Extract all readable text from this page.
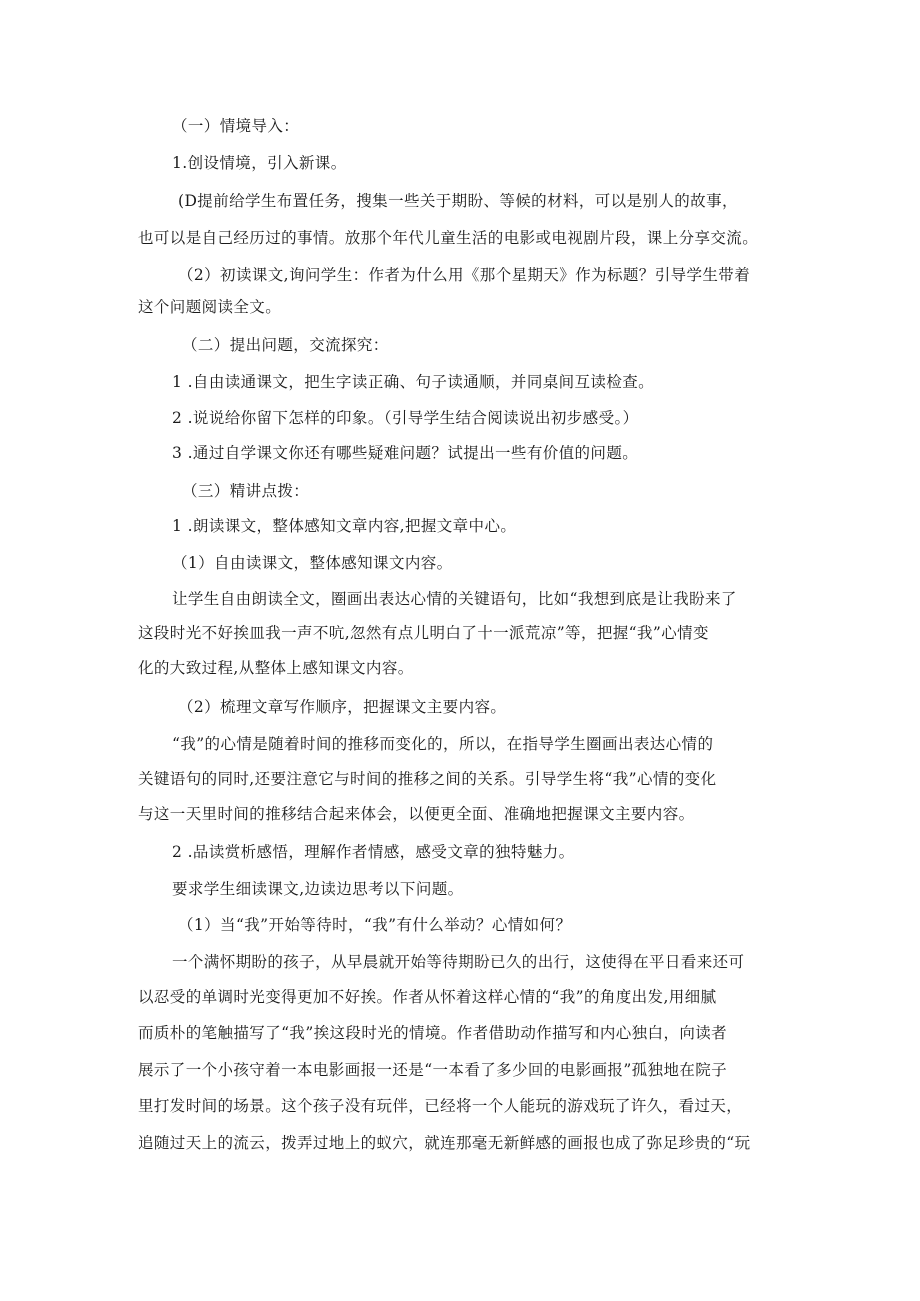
（一）情境导入：
1.创设情境，引入新课。
(D提前给学生布置任务，搜集一些关于期盼、等候的材料，可以是别人的故事，
也可以是自己经历过的事情。放那个年代儿童生活的电影或电视剧片段，课上分享交流。
（2）初读课文,询问学生：作者为什么用《那个星期天》作为标题？引导学生带着
这个问题阅读全文。
（二）提出问题，交流探究：
1 .自由读通课文，把生字读正确、句子读通顺，并同桌间互读检查。
2 .说说给你留下怎样的印象。（引导学生结合阅读说出初步感受。）
3 .通过自学课文你还有哪些疑难问题？试提出一些有价值的问题。
（三）精讲点拨：
1 .朗读课文，整体感知文章内容,把握文章中心。
（1）自由读课文，整体感知课文内容。
让学生自由朗读全文，圈画出表达心情的关键语句，比如“我想到底是让我盼来了
这段时光不好挨皿我一声不吭,忽然有点儿明白了十一派荒凉”等，把握“我”心情变
化的大致过程,从整体上感知课文内容。
（2）梳理文章写作顺序，把握课文主要内容。
“我”的心情是随着时间的推移而变化的，所以，在指导学生圈画出表达心情的
关键语句的同时,还要注意它与时间的推移之间的关系。引导学生将“我”心情的变化
与这一天里时间的推移结合起来体会，以便更全面、准确地把握课文主要内容。
2 .品读赏析感悟，理解作者情感，感受文章的独特魅力。
要求学生细读课文,边读边思考以下问题。
（1）当“我”开始等待时，“我”有什么举动？心情如何？
一个满怀期盼的孩子，从早晨就开始等待期盼已久的出行，这使得在平日看来还可
以忍受的单调时光变得更加不好挨。作者从怀着这样心情的“我”的角度出发,用细腻
而质朴的笔触描写了“我”挨这段时光的情境。作者借助动作描写和内心独白，向读者
展示了一个小孩守着一本电影画报一还是“一本看了多少回的电影画报”孤独地在院子
里打发时间的场景。这个孩子没有玩伴，已经将一个人能玩的游戏玩了许久，看过天，
追随过天上的流云，拨弄过地上的蚁穴，就连那毫无新鲜感的画报也成了弥足珍贵的“玩
